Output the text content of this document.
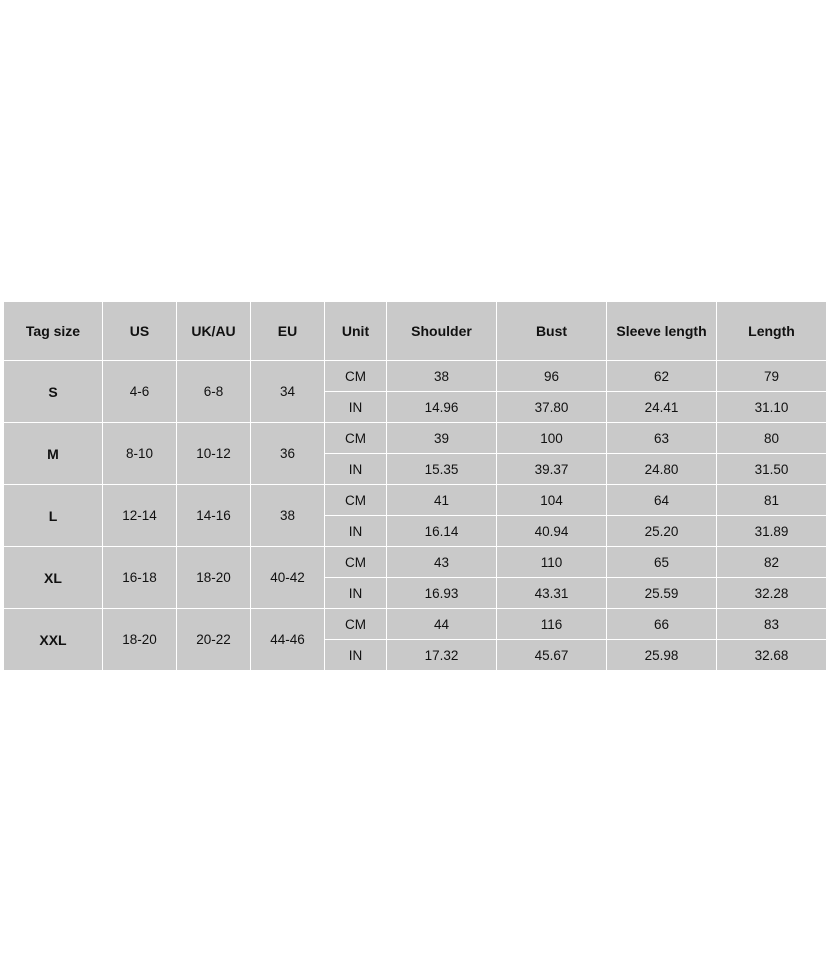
Tag size	US	UK/AU	EU	Unit	Shoulder	Bust	Sleeve length	Length
S	4-6	6-8	34	CM	38	96	62	79
				IN	14.96	37.80	24.41	31.10
M	8-10	10-12	36	CM	39	100	63	80
				IN	15.35	39.37	24.80	31.50
L	12-14	14-16	38	CM	41	104	64	81
				IN	16.14	40.94	25.20	31.89
XL	16-18	18-20	40-42	CM	43	110	65	82
				IN	16.93	43.31	25.59	32.28
XXL	18-20	20-22	44-46	CM	44	116	66	83
				IN	17.32	45.67	25.98	32.68
